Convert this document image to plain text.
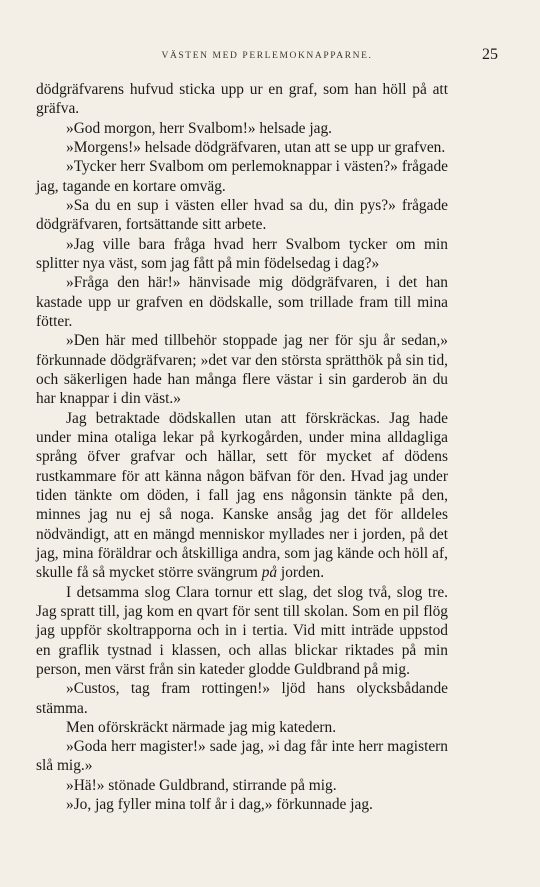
VÄSTEN MED PERLEMOKNAPPARNE.	25

dödgräfvarens hufvud sticka upp ur en graf, som han höll på att gräfva.

»God morgon, herr Svalbom!» helsade jag.

»Morgens!» helsade dödgräfvaren, utan att se upp ur grafven.

»Tycker herr Svalbom om perlemoknappar i västen?» frågade jag, tagande en kortare omväg.

»Sa du en sup i västen eller hvad sa du, din pys?» frågade dödgräfvaren, fortsättande sitt arbete.

»Jag ville bara fråga hvad herr Svalbom tycker om min splitter nya väst, som jag fått på min födelsedag i dag?»

»Fråga den här!» hänvisade mig dödgräfvaren, i det han kastade upp ur grafven en dödskalle, som trillade fram till mina fötter.

»Den här med tillbehör stoppade jag ner för sju år sedan,» förkunnade dödgräfvaren; »det var den största sprätthök på sin tid, och säkerligen hade han många flere västar i sin garderob än du har knappar i din väst.»

Jag betraktade dödskallen utan att förskräckas. Jag hade under mina otaliga lekar på kyrkogården, under mina alldagliga språng öfver grafvar och hällar, sett för mycket af dödens rustkammare för att känna någon bäfvan för den. Hvad jag under tiden tänkte om döden, i fall jag ens någonsin tänkte på den, minnes jag nu ej så noga. Kanske ansåg jag det för alldeles nödvändigt, att en mängd menniskor myllades ner i jorden, på det jag, mina föräldrar och åtskilliga andra, som jag kände och höll af, skulle få så mycket större svängrum på jorden.

I detsamma slog Clara tornur ett slag, det slog två, slog tre. Jag spratt till, jag kom en qvart för sent till skolan. Som en pil flög jag uppför skoltrapporna och in i tertia. Vid mitt inträde uppstod en graflik tystnad i klassen, och allas blickar riktades på min person, men värst från sin kateder glodde Guldbrand på mig.

»Custos, tag fram rottingen!» ljöd hans olycksbådande stämma.

Men oförskräckt närmade jag mig katedern.

»Goda herr magister!» sade jag, »i dag får inte herr magistern slå mig.»

»Hä!» stönade Guldbrand, stirrande på mig.

»Jo, jag fyller mina tolf år i dag,» förkunnade jag.
